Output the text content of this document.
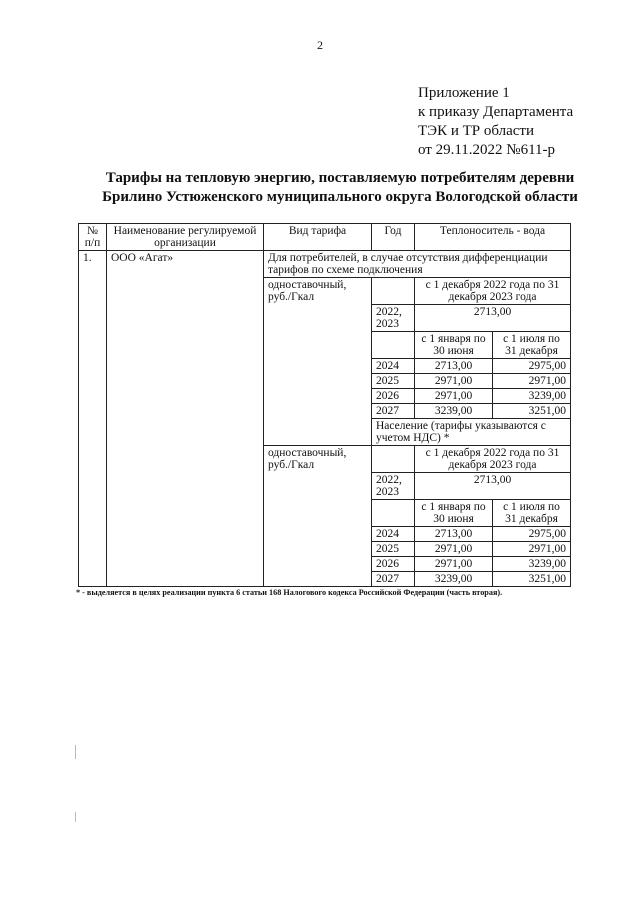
2
Приложение 1
к приказу Департамента
ТЭК и ТР области
от 29.11.2022 №611-р
Тарифы на тепловую энергию, поставляемую потребителям деревни
Брилино Устюженского муниципального округа Вологодской области
№ п/п	Наименование регулируемой организации	Вид тарифа	Год	Теплоноситель - вода	
1.	ООО «Агат»	Для потребителей, в случае отсутствия дифференциации тарифов по схеме подключения			
		одноставочный, руб./Гкал		с 1 декабря 2022 года по 31 декабря 2023 года	
			2022, 2023	2713,00	
				с 1 января по 30 июня	с 1 июля по 31 декабря
			2024	2713,00	2975,00
			2025	2971,00	2971,00
			2026	2971,00	3239,00
			2027	3239,00	3251,00
			Население (тарифы указываются с учетом НДС) *		
		одноставочный, руб./Гкал		с 1 декабря 2022 года по 31 декабря 2023 года	
			2022, 2023	2713,00	
				с 1 января по 30 июня	с 1 июля по 31 декабря
			2024	2713,00	2975,00
			2025	2971,00	2971,00
			2026	2971,00	3239,00
			2027	3239,00	3251,00
* - выделяется в целях реализации пункта 6 статьи 168 Налогового кодекса Российской Федерации (часть вторая).
